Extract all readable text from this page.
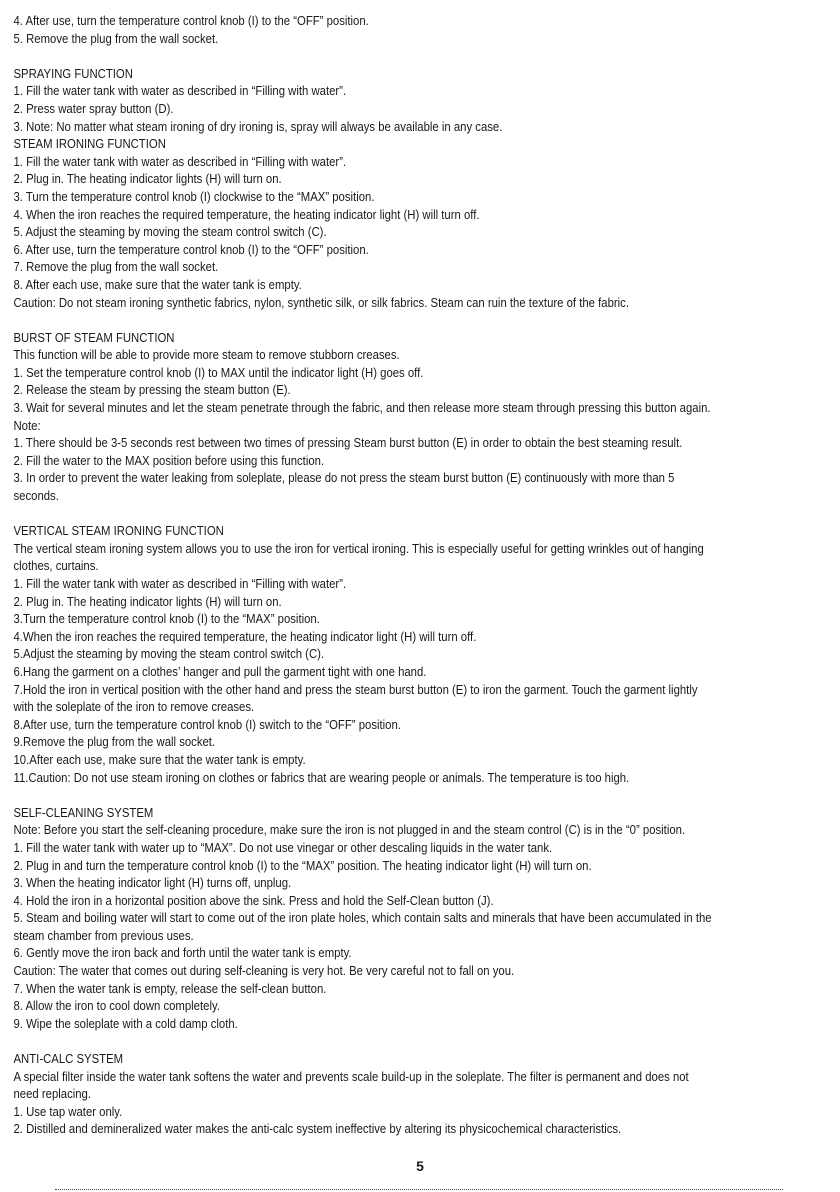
4. After use, turn the temperature control knob (I) to the “OFF” position.
5. Remove the plug from the wall socket.
SPRAYING FUNCTION
1. Fill the water tank with water as described in “Filling with water”.
2. Press water spray button (D).
3. Note: No matter what steam ironing of dry ironing is, spray will always be available in any case.
STEAM IRONING FUNCTION
1. Fill the water tank with water as described in “Filling with water”.
2. Plug in. The heating indicator lights (H) will turn on.
3. Turn the temperature control knob (I) clockwise to the “MAX” position.
4. When the iron reaches the required temperature, the heating indicator light (H) will turn off.
5. Adjust the steaming by moving the steam control switch (C).
6. After use, turn the temperature control knob (I) to the “OFF” position.
7. Remove the plug from the wall socket.
8. After each use, make sure that the water tank is empty.
Caution: Do not steam ironing synthetic fabrics, nylon, synthetic silk, or silk fabrics. Steam can ruin the texture of the fabric.
BURST OF STEAM FUNCTION
This function will be able to provide more steam to remove stubborn creases.
1. Set the temperature control knob (I) to MAX until the indicator light (H) goes off.
2. Release the steam by pressing the steam button (E).
3. Wait for several minutes and let the steam penetrate through the fabric, and then release more steam through pressing this button again.
Note:
1. There should be 3-5 seconds rest between two times of pressing Steam burst button (E) in order to obtain the best steaming result.
2. Fill the water to the MAX position before using this function.
3. In order to prevent the water leaking from soleplate, please do not press the steam burst button (E) continuously with more than 5
seconds.
VERTICAL STEAM IRONING FUNCTION
The vertical steam ironing system allows you to use the iron for vertical ironing. This is especially useful for getting wrinkles out of hanging
clothes, curtains.
1. Fill the water tank with water as described in “Filling with water”.
2. Plug in. The heating indicator lights (H) will turn on.
3.Turn the temperature control knob (I) to the “MAX” position.
4.When the iron reaches the required temperature, the heating indicator light (H) will turn off.
5.Adjust the steaming by moving the steam control switch (C).
6.Hang the garment on a clothes’ hanger and pull the garment tight with one hand.
7.Hold the iron in vertical position with the other hand and press the steam burst button (E) to iron the garment. Touch the garment lightly
with the soleplate of the iron to remove creases.
8.After use, turn the temperature control knob (I) switch to the “OFF” position.
9.Remove the plug from the wall socket.
10.After each use, make sure that the water tank is empty.
11.Caution: Do not use steam ironing on clothes or fabrics that are wearing people or animals. The temperature is too high.
SELF-CLEANING SYSTEM
Note: Before you start the self-cleaning procedure, make sure the iron is not plugged in and the steam control (C) is in the “0” position.
1. Fill the water tank with water up to “MAX”. Do not use vinegar or other descaling liquids in the water tank.
2. Plug in and turn the temperature control knob (I) to the “MAX” position. The heating indicator light (H) will turn on.
3. When the heating indicator light (H) turns off, unplug.
4. Hold the iron in a horizontal position above the sink. Press and hold the Self-Clean button (J).
5. Steam and boiling water will start to come out of the iron plate holes, which contain salts and minerals that have been accumulated in the
steam chamber from previous uses.
6. Gently move the iron back and forth until the water tank is empty.
Caution: The water that comes out during self-cleaning is very hot. Be very careful not to fall on you.
7. When the water tank is empty, release the self-clean button.
8. Allow the iron to cool down completely.
9. Wipe the soleplate with a cold damp cloth.
ANTI-CALC SYSTEM
A special filter inside the water tank softens the water and prevents scale build-up in the soleplate. The filter is permanent and does not
need replacing.
1. Use tap water only.
2. Distilled and demineralized water makes the anti-calc system ineffective by altering its physicochemical characteristics.
5
